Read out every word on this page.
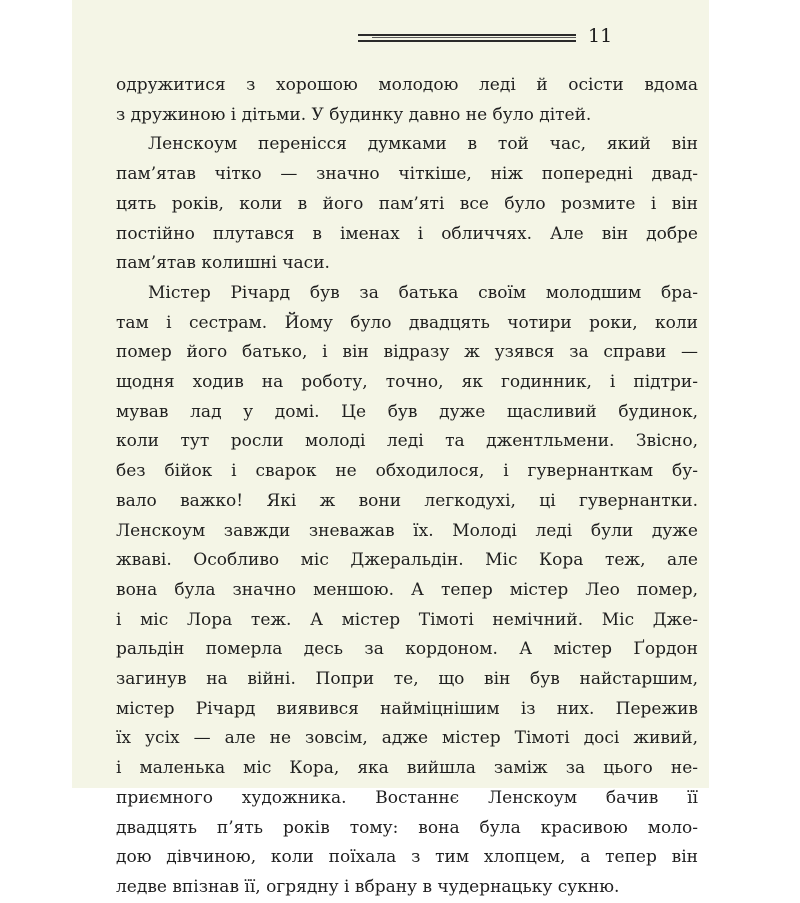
11
одружитися з хорошою молодою леді й осісти вдома
з дружиною і дітьми. У будинку давно не було дітей.
Ленскоум перенісся думками в той час, який він
пам’ятав чітко — значно чіткіше, ніж попередні двад-
цять років, коли в його пам’яті все було розмите і він
постійно плутався в іменах і обличчях. Але він добре
пам’ятав колишні часи.
Містер Річард був за батька своїм молодшим бра-
там і сестрам. Йому було двадцять чотири роки, коли
помер його батько, і він відразу ж узявся за справи —
щодня ходив на роботу, точно, як годинник, і підтри-
мував лад у домі. Це був дуже щасливий будинок,
коли тут росли молоді леді та джентльмени. Звісно,
без бійок і сварок не обходилося, і гувернанткам бу-
вало важко! Які ж вони легкодухі, ці гувернантки.
Ленскоум завжди зневажав їх. Молоді леді були дуже
жваві. Особливо міс Джеральдін. Міс Кора теж, але
вона була значно меншою. А тепер містер Лео помер,
і міс Лора теж. А містер Тімоті немічний. Міс Дже-
ральдін померла десь за кордоном. А містер Ґордон
загинув на війні. Попри те, що він був найстаршим,
містер Річард виявився наймiцнішим із них. Пережив
їх усіх — але не зовсім, адже містер Тімоті досі живий,
і маленька міс Кора, яка вийшла заміж за цього не-
приємного художника. Востаннє Ленскоум бачив її
двадцять п’ять років тому: вона була красивою моло-
дою дівчиною, коли поїхала з тим хлопцем, а тепер він
ледве впізнав її, огрядну і вбрану в чудернацьку сукню.
